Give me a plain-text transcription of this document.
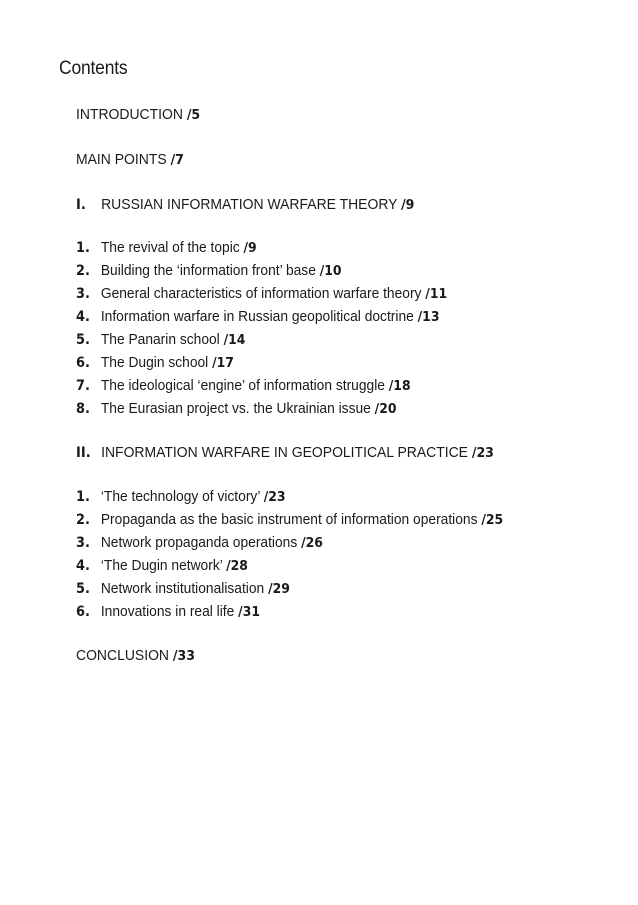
Contents
INTRODUCTION /5
MAIN POINTS /7
I. RUSSIAN INFORMATION WARFARE THEORY /9
1. The revival of the topic /9
2. Building the ‘information front’ base /10
3. General characteristics of information warfare theory /11
4. Information warfare in Russian geopolitical doctrine /13
5. The Panarin school /14
6. The Dugin school /17
7. The ideological ‘engine’ of information struggle /18
8. The Eurasian project vs. the Ukrainian issue /20
II. INFORMATION WARFARE IN GEOPOLITICAL PRACTICE /23
1. ‘The technology of victory’ /23
2. Propaganda as the basic instrument of information operations /25
3. Network propaganda operations /26
4. ‘The Dugin network’ /28
5. Network institutionalisation /29
6. Innovations in real life /31
CONCLUSION /33
